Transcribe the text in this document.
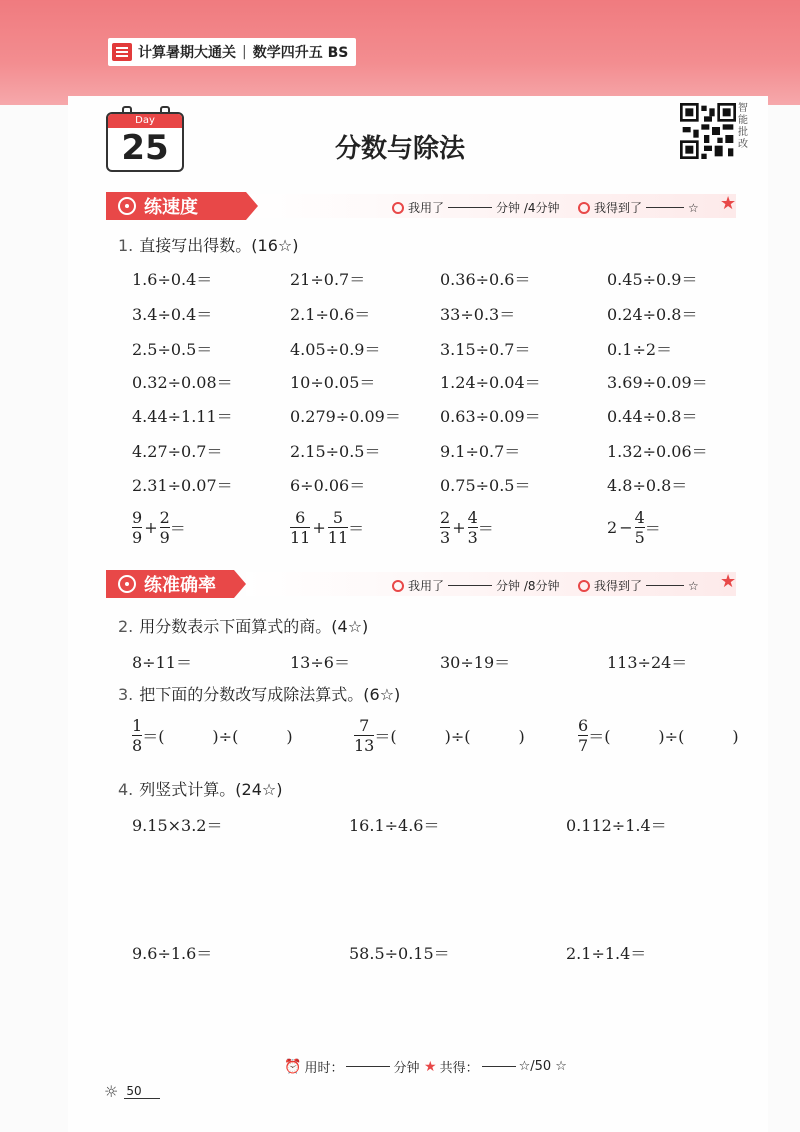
计算暑期大通关 | 数学四升五 BS
Day
25	分数与除法
智能批改
练速度	我用了	分钟 /4分钟	我得到了	☆ ★
1. 直接写出得数。(16☆)
1.6÷0.4＝	21÷0.7＝	0.36÷0.6＝	0.45÷0.9＝
3.4÷0.4＝	2.1÷0.6＝	33÷0.3＝	0.24÷0.8＝
2.5÷0.5＝	4.05÷0.9＝	3.15÷0.7＝	0.1÷2＝
0.32÷0.08＝	10÷0.05＝	1.24÷0.04＝	3.69÷0.09＝
4.44÷1.11＝	0.279÷0.09＝ 0.63÷0.09＝	0.44÷0.8＝
4.27÷0.7＝	2.15÷0.5＝	9.1÷0.7＝	1.32÷0.06＝
2.31÷0.07＝	6÷0.06＝	0.75÷0.5＝	4.8÷0.8＝
$\frac{9}{9} + \frac{2}{9}$ ＝	$\frac{6}{11} + \frac{5}{11}$ ＝	$\frac{2}{3} + \frac{4}{3}$ ＝	$2 - \frac{4}{5}$ ＝
练准确率	我用了	分钟 /8分钟	我得到了	☆ ★
2. 用分数表示下面算式的商。(4☆)
8÷11＝	13÷6＝	30÷19＝	113÷24＝
3. 把下面的分数改写成除法算式。(6☆)
$\frac{1}{8}$ ＝(　　　)÷(　　　)	$\frac{7}{13}$ ＝(　　　)÷(　　　)	$\frac{6}{7}$ ＝(　　　)÷(　　　)
4. 列竖式计算。(24☆)
9.15×3.2＝	16.1÷4.6＝	0.112÷1.4＝
9.6÷1.6＝	58.5÷0.15＝	2.1÷1.4＝
⏰ 用时：	分钟 ★ 共得：	☆/50 ☆
☼ 50
